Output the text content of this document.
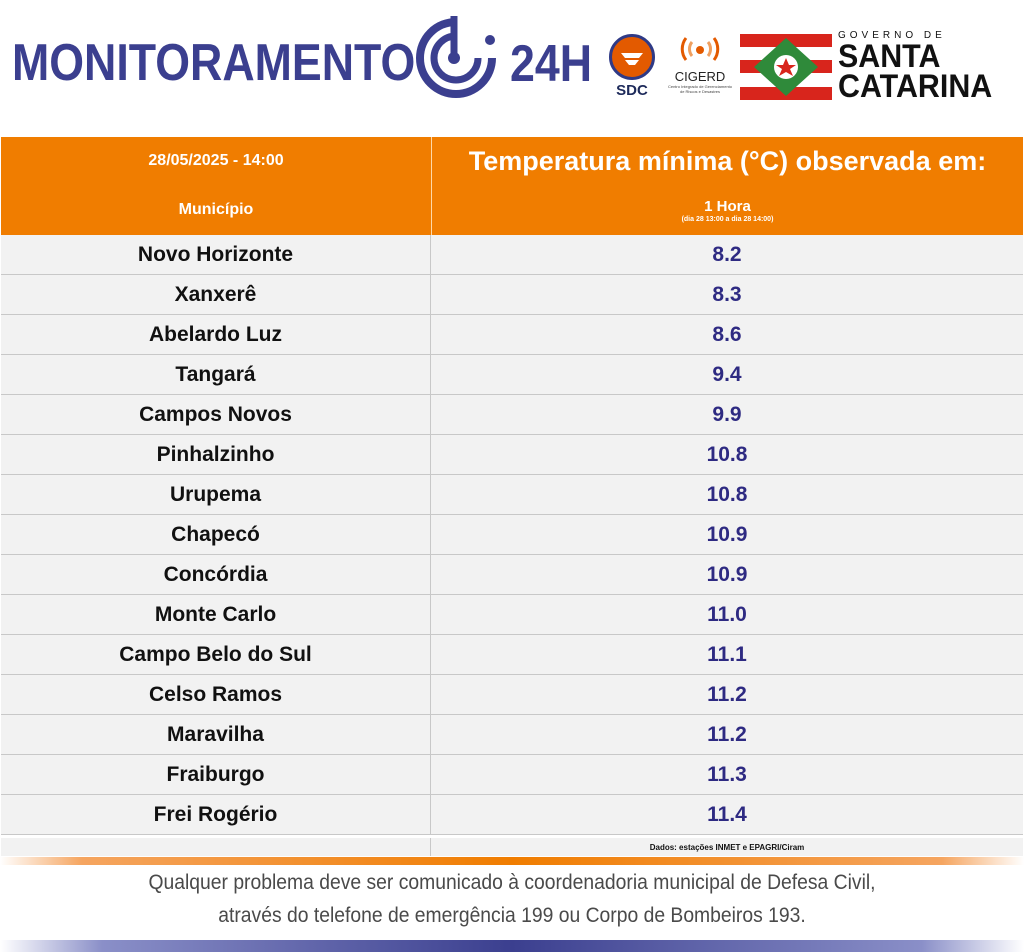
MONITORAMENTO 24H	SDC
CIGERD
Centro Integrado de Gerenciamento de Riscos e Desastres
GOVERNO DE
SANTA
CATARINA
28/05/2025 - 14:00	Temperatura mínima (°C) observada em:
Município	1 Hora
(dia 28 13:00 a dia 28 14:00)
Novo Horizonte	8.2
Xanxerê	8.3
Abelardo Luz	8.6
Tangará	9.4
Campos Novos	9.9
Pinhalzinho	10.8
Urupema	10.8
Chapecó	10.9
Concórdia	10.9
Monte Carlo	11.0
Campo Belo do Sul	11.1
Celso Ramos	11.2
Maravilha	11.2
Fraiburgo	11.3
Frei Rogério	11.4
Dados: estações INMET e EPAGRI/Ciram
Qualquer problema deve ser comunicado à coordenadoria municipal de Defesa Civil,
através do telefone de emergência 199 ou Corpo de Bombeiros 193.
